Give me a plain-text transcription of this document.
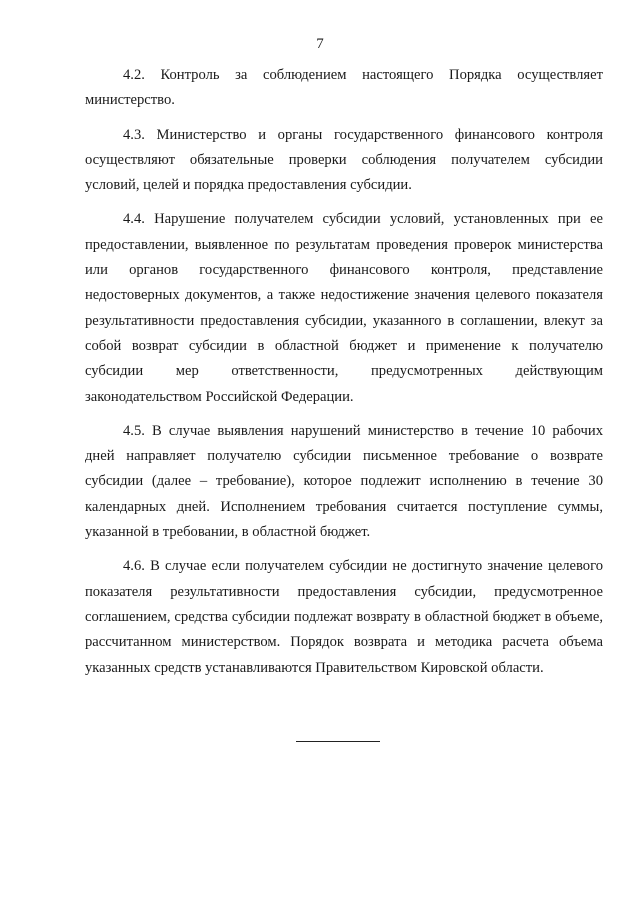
7

4.2. Контроль за соблюдением настоящего Порядка осуществляет министерство.

4.3. Министерство и органы государственного финансового контроля осуществляют обязательные проверки соблюдения получателем субсидии условий, целей и порядка предоставления субсидии.

4.4. Нарушение получателем субсидии условий, установленных при ее предоставлении, выявленное по результатам проведения проверок министерства или органов государственного финансового контроля, представление недостоверных документов, а также недостижение значения целевого показателя результативности предоставления субсидии, указанного в соглашении, влекут за собой возврат субсидии в областной бюджет и применение к получателю субсидии мер ответственности, предусмотренных действующим законодательством Российской Федерации.

4.5. В случае выявления нарушений министерство в течение 10 рабочих дней направляет получателю субсидии письменное требование о возврате субсидии (далее – требование), которое подлежит исполнению в течение 30 календарных дней. Исполнением требования считается поступление суммы, указанной в требовании, в областной бюджет.

4.6. В случае если получателем субсидии не достигнуто значение целевого показателя результативности предоставления субсидии, предусмотренное соглашением, средства субсидии подлежат возврату в областной бюджет в объеме, рассчитанном министерством. Порядок возврата и методика расчета объема указанных средств устанавливаются Правительством Кировской области.
